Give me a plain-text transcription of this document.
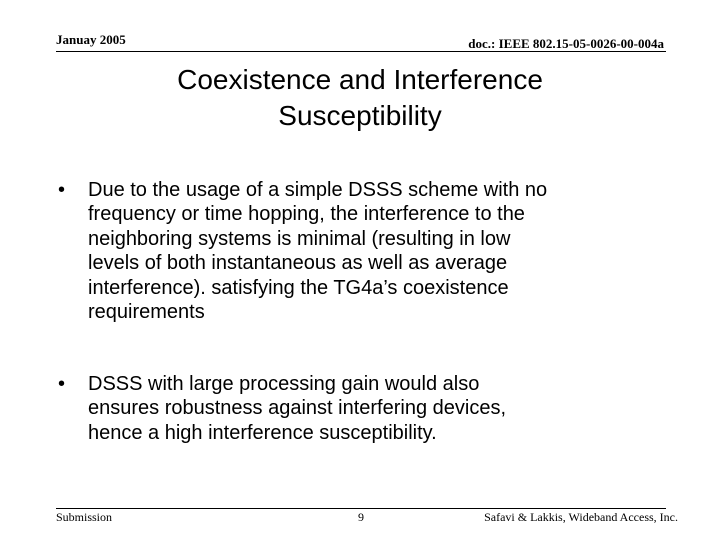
Januay 2005	doc.: IEEE 802.15-05-0026-00-004a
Coexistence and Interference
Susceptibility
•	Due to the usage of a simple DSSS scheme with no
frequency or time hopping, the interference to the
neighboring systems is minimal (resulting in low
levels of both instantaneous as well as average
interference). satisfying the TG4a’s coexistence
requirements
•	DSSS with large processing gain would also
ensures robustness against interfering devices,
hence a high interference susceptibility.
Submission	9	Safavi & Lakkis, Wideband Access, Inc.
